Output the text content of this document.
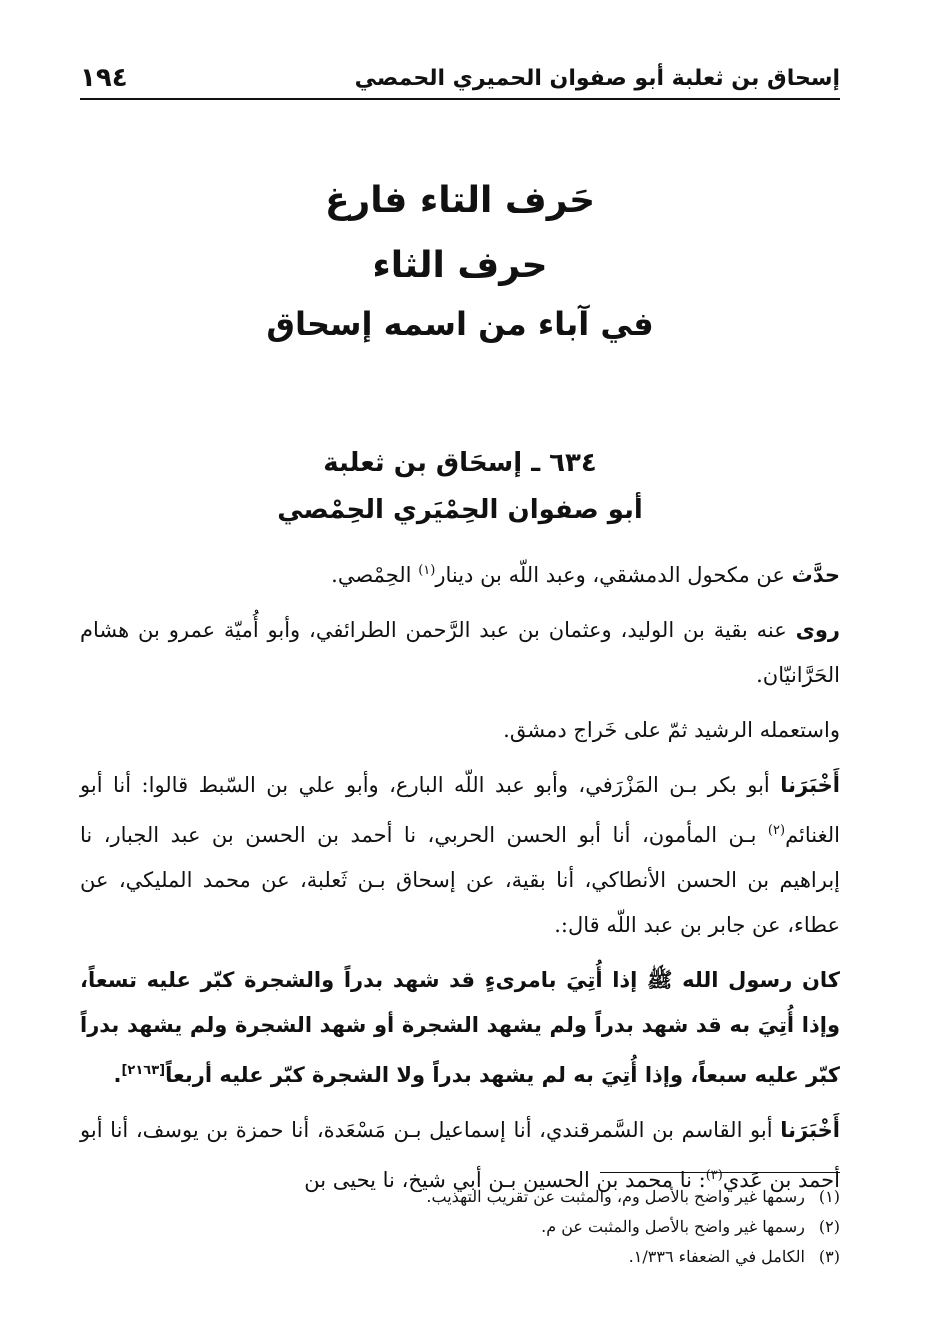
إسحاق بن ثعلبة أبو صفوان الحميري الحمصي
١٩٤
حَرف التاء فارغ
حرف الثاء
في آباء من اسمه إسحاق
٦٣٤ ـ إسحَاق بن ثعلبة
أبو صفوان الحِمْيَري الحِمْصي

حدَّث عن مكحول الدمشقي، وعبد اللّه بن دينار$^{(١)}$ الحِمْصي.

روى عنه بقية بن الوليد، وعثمان بن عبد الرَّحمن الطرائفي، وأبو أُميّة عمرو بن هشام الحَرَّانيّان.

واستعمله الرشيد ثمّ على خَراج دمشق.

أَخْبَرَنا أبو بكر بـن المَزْرَفي، وأبو عبد اللّه البارع، وأبو علي بن السّبط قالوا: أنا أبو الغنائم$^{(٢)}$ بـن المأمون، أنا أبو الحسن الحربي، نا أحمد بن الحسن بن عبد الجبار، نا إبراهيم بن الحسن الأنطاكي، أنا بقية، عن إسحاق بـن ثَعلبة، عن محمد المليكي، عن عطاء، عن جابر بن عبد اللّه قال:.

كان رسول الله ﷺ إذا أُتِيَ بامرىءٍ قد شهد بدراً والشجرة كبّر عليه تسعاً، وإذا أُتِيَ به قد شهد بدراً ولم يشهد الشجرة أو شهد الشجرة ولم يشهد بدراً كبّر عليه سبعاً، وإذا أُتِيَ به لم يشهد بدراً ولا الشجرة كبّر عليه أربعاً[٢١٦٣].

أَخْبَرَنا أبو القاسم بن السَّمرقندي، أنا إسماعيل بـن مَسْعَدة، أنا حمزة بن يوسف، أنا أبو أحمد بن عَدي$^{(٣)}$: نا محمد بن الحسين بـن أبي شيخ، نا يحيى بن

(١)
رسمها غير واضح بالأصل وم، والمثبت عن تقريب التهذيب.
(٢)
رسمها غير واضح بالأصل والمثبت عن م.
(٣)
الكامل في الضعفاء ١/٣٣٦.
